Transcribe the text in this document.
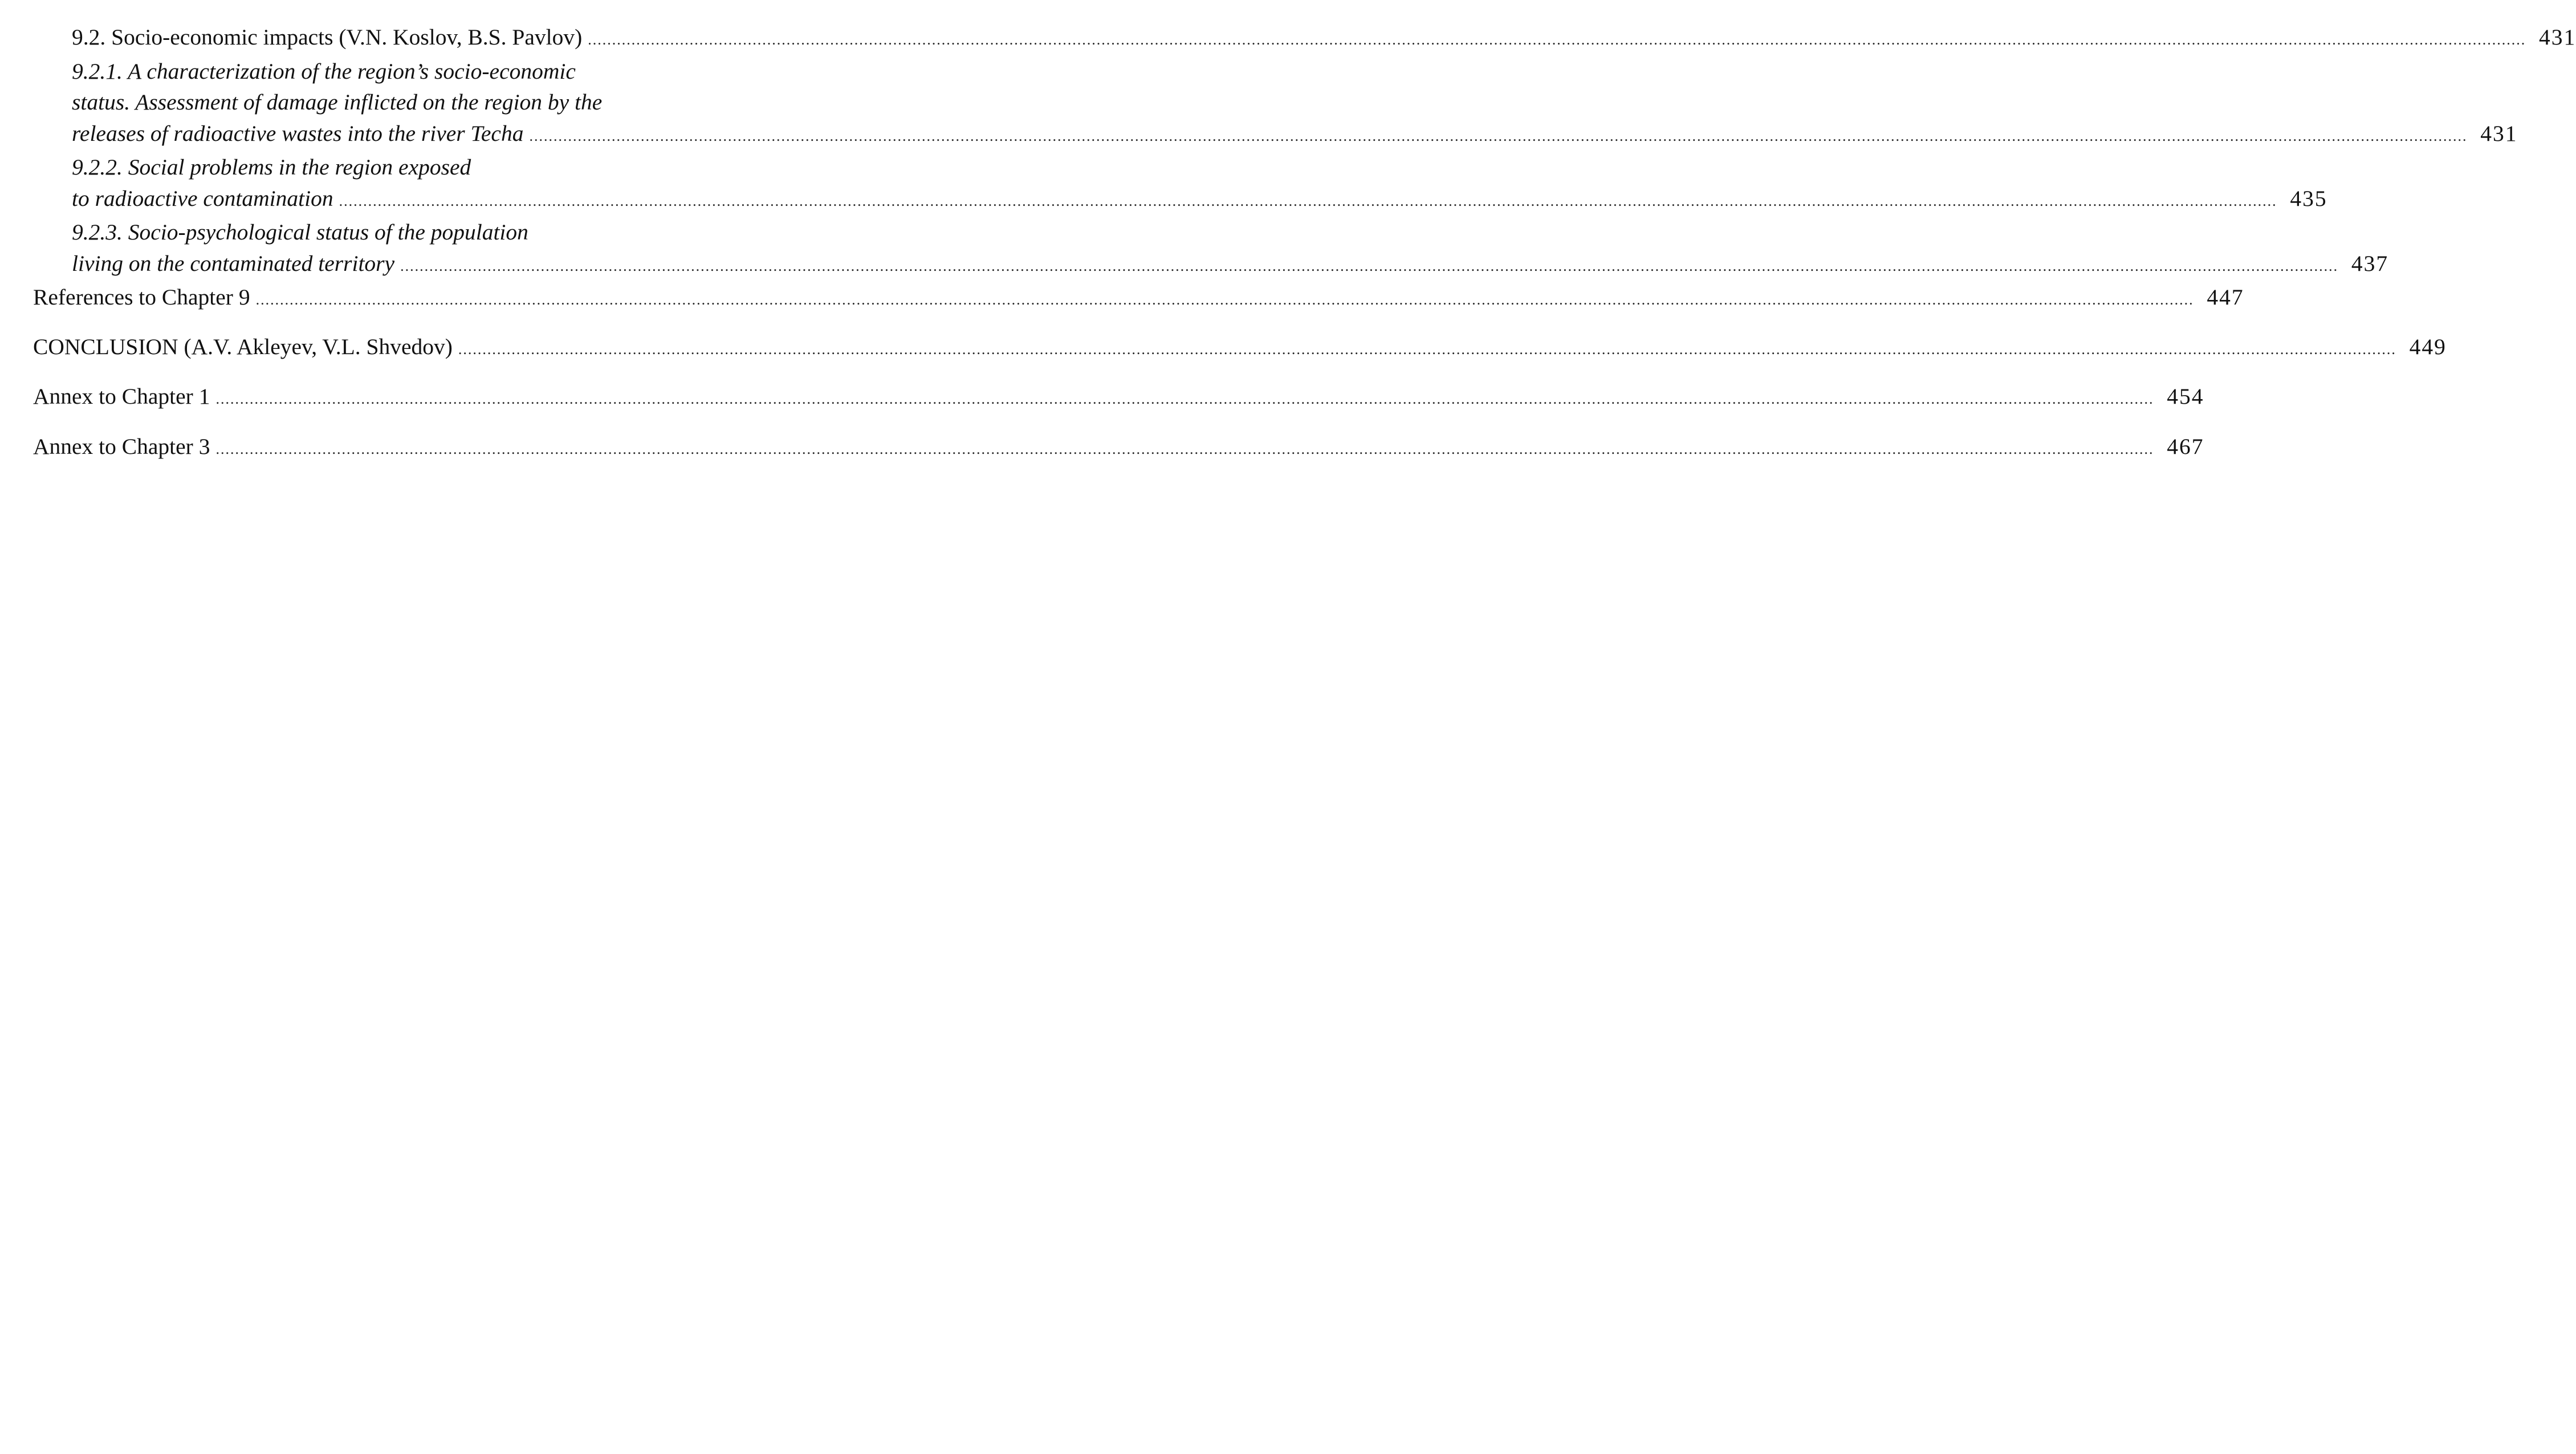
9.2. Socio-economic impacts (V.N. Koslov, B.S. Pavlov) ................................................................................................................................................................................................................................................................................................................................................................................................................ 431
9.2.1. A characterization of the region’s socio-economic
status. Assessment of damage inflicted on the region by the
releases of radioactive wastes into the river Techa ................................................................................................................................................................................................................................................................................................................................................................................................................ 431
9.2.2. Social problems in the region exposed
to radioactive contamination ................................................................................................................................................................................................................................................................................................................................................................................................................ 435
9.2.3. Socio-psychological status of the population
living on the contaminated territory ................................................................................................................................................................................................................................................................................................................................................................................................................ 437
References to Chapter 9 ................................................................................................................................................................................................................................................................................................................................................................................................................ 447
CONCLUSION (A.V. Akleyev, V.L. Shvedov) ................................................................................................................................................................................................................................................................................................................................................................................................................ 449
Annex to Chapter 1 ................................................................................................................................................................................................................................................................................................................................................................................................................ 454
Annex to Chapter 3 ................................................................................................................................................................................................................................................................................................................................................................................................................ 467
